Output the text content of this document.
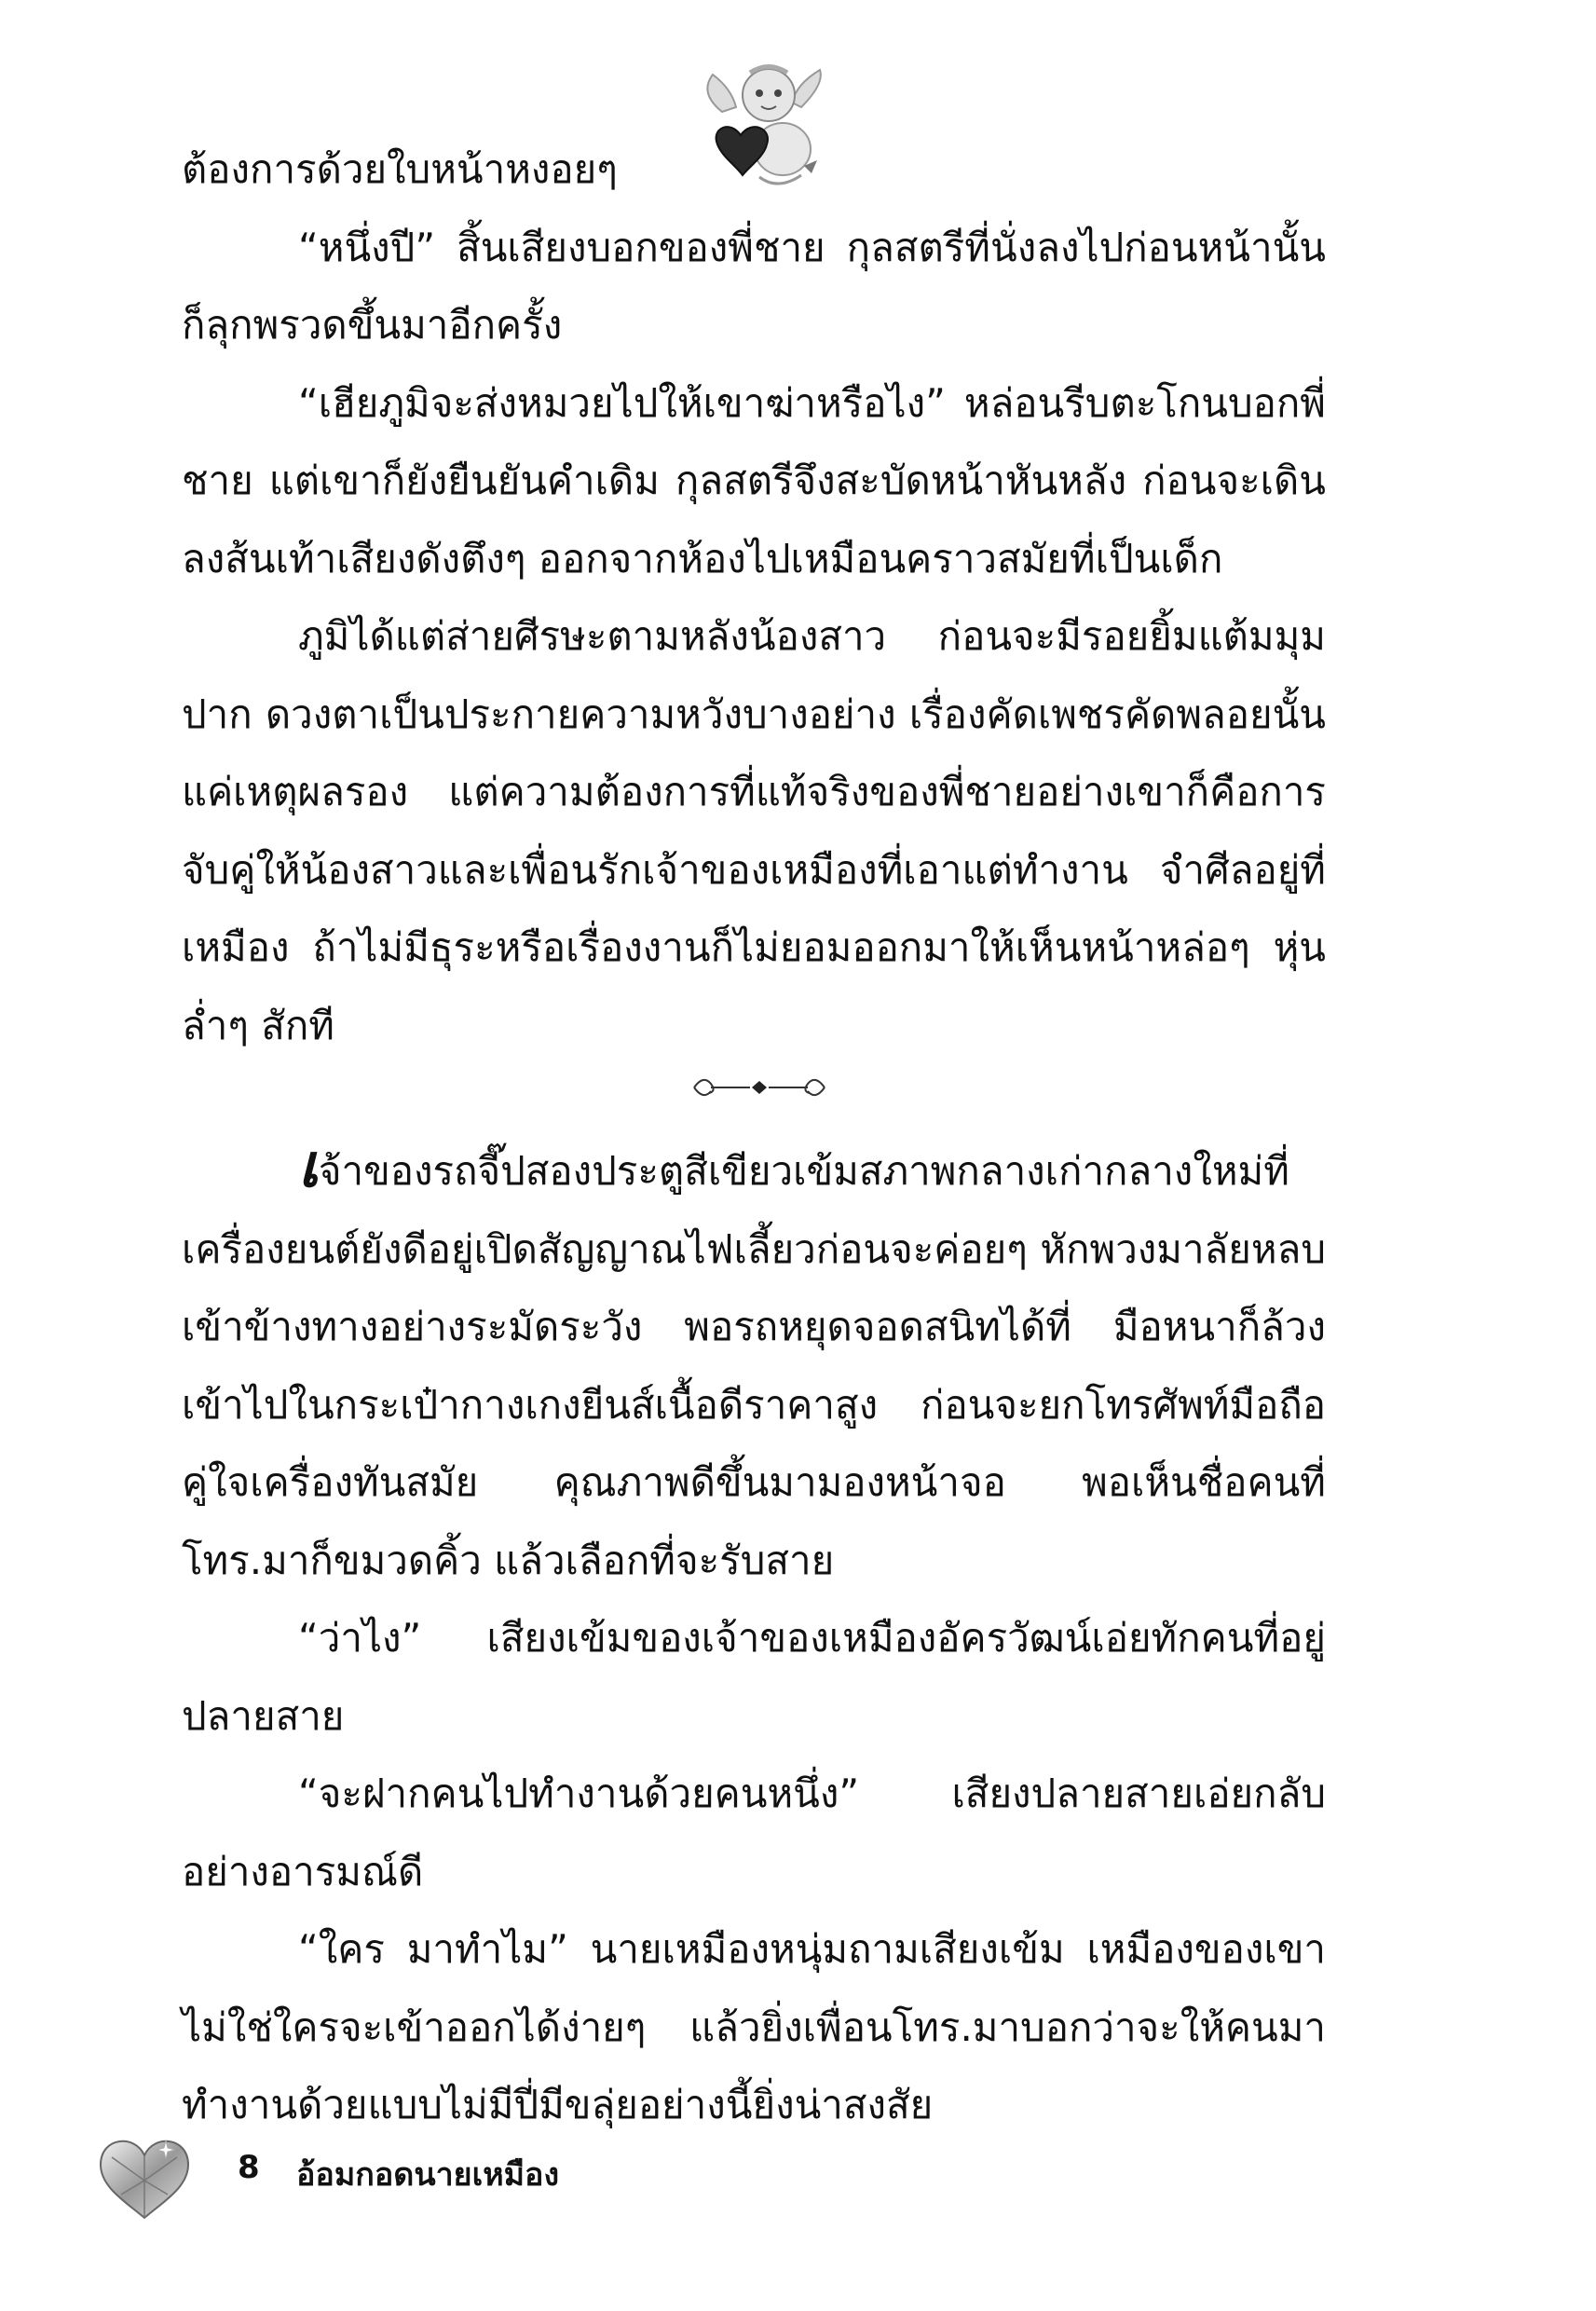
ต้องการด้วยใบหน้าหงอยๆ

“หนึ่งปี” สิ้นเสียงบอกของพี่ชาย กุลสตรีที่นั่งลงไปก่อนหน้านั้นก็ลุกพรวดขึ้นมาอีกครั้ง

“เฮียภูมิจะส่งหมวยไปให้เขาฆ่าหรือไง” หล่อนรีบตะโกนบอกพี่ชาย แต่เขาก็ยังยืนยันคำเดิม กุลสตรีจึงสะบัดหน้าหันหลัง ก่อนจะเดินลงส้นเท้าเสียงดังตึงๆ ออกจากห้องไปเหมือนคราวสมัยที่เป็นเด็ก

ภูมิได้แต่ส่ายศีรษะตามหลังน้องสาว ก่อนจะมีรอยยิ้มแต้มมุมปาก ดวงตาเป็นประกายความหวังบางอย่าง เรื่องคัดเพชรคัดพลอยนั้นแค่เหตุผลรอง แต่ความต้องการที่แท้จริงของพี่ชายอย่างเขาก็คือการจับคู่ให้น้องสาวและเพื่อนรักเจ้าของเหมืองที่เอาแต่ทำงาน จำศีลอยู่ที่เหมือง ถ้าไม่มีธุระหรือเรื่องงานก็ไม่ยอมออกมาให้เห็นหน้าหล่อๆ หุ่นล่ำๆ สักที

เจ้าของรถจี๊ปสองประตูสีเขียวเข้มสภาพกลางเก่ากลางใหม่ที่เครื่องยนต์ยังดีอยู่เปิดสัญญาณไฟเลี้ยวก่อนจะค่อยๆ หักพวงมาลัยหลบเข้าข้างทางอย่างระมัดระวัง พอรถหยุดจอดสนิทได้ที่ มือหนาก็ล้วงเข้าไปในกระเป๋ากางเกงยีนส์เนื้อดีราคาสูง ก่อนจะยกโทรศัพท์มือถือคู่ใจเครื่องทันสมัย คุณภาพดีขึ้นมามองหน้าจอ พอเห็นชื่อคนที่โทร.มาก็ขมวดคิ้ว แล้วเลือกที่จะรับสาย

“ว่าไง” เสียงเข้มของเจ้าของเหมืองอัครวัฒน์เอ่ยทักคนที่อยู่ปลายสาย

“จะฝากคนไปทำงานด้วยคนหนึ่ง” เสียงปลายสายเอ่ยกลับอย่างอารมณ์ดี

“ใคร มาทำไม” นายเหมืองหนุ่มถามเสียงเข้ม เหมืองของเขาไม่ใช่ใครจะเข้าออกได้ง่ายๆ แล้วยิ่งเพื่อนโทร.มาบอกว่าจะให้คนมาทำงานด้วยแบบไม่มีปี่มีขลุ่ยอย่างนี้ยิ่งน่าสงสัย

8 อ้อมกอดนายเหมือง
